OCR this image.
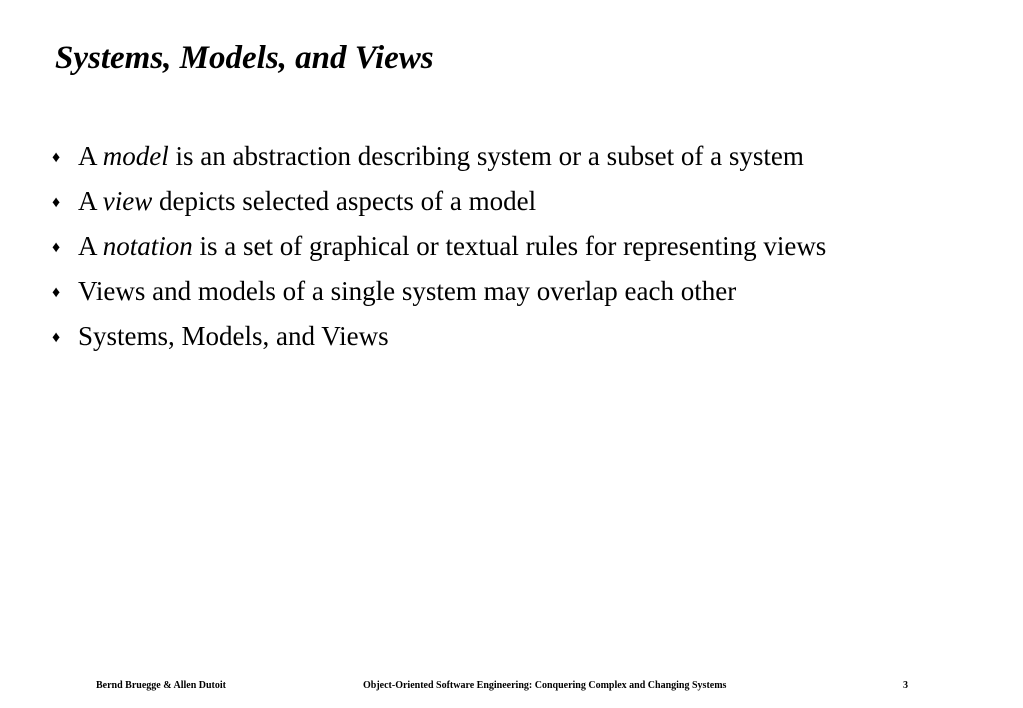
Systems, Models, and Views
♦ A model is an abstraction describing system or a subset of a system
♦ A view depicts selected aspects of a model
♦ A notation is a set of graphical or textual rules for representing views
♦ Views and models of a single system may overlap each other
♦ Systems, Models, and Views
Bernd Bruegge & Allen Dutoit	Object-Oriented Software Engineering: Conquering Complex and Changing Systems	3
